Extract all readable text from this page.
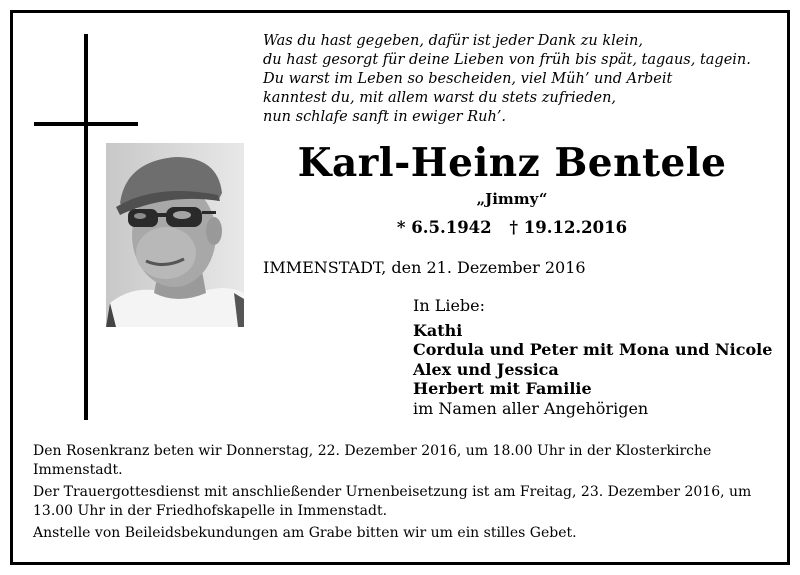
Was du hast gegeben, dafür ist jeder Dank zu klein,
du hast gesorgt für deine Lieben von früh bis spät, tagaus, tagein.
Du warst im Leben so bescheiden, viel Müh’ und Arbeit
kanntest du, mit allem warst du stets zufrieden,
nun schlafe sanft in ewiger Ruh’.
Karl-Heinz Bentele
„Jimmy“
* 6.5.1942 † 19.12.2016
IMMENSTADT, den 21. Dezember 2016
In Liebe:
Kathi
Cordula und Peter mit Mona und Nicole
Alex und Jessica
Herbert mit Familie
im Namen aller Angehörigen

Den Rosenkranz beten wir Donnerstag, 22. Dezember 2016, um 18.00 Uhr in der Klosterkirche Immenstadt.

Der Trauergottesdienst mit anschließender Urnenbeisetzung ist am Freitag, 23. Dezember 2016, um 13.00 Uhr in der Friedhofskapelle in Immenstadt.

Anstelle von Beileidsbekundungen am Grabe bitten wir um ein stilles Gebet.
